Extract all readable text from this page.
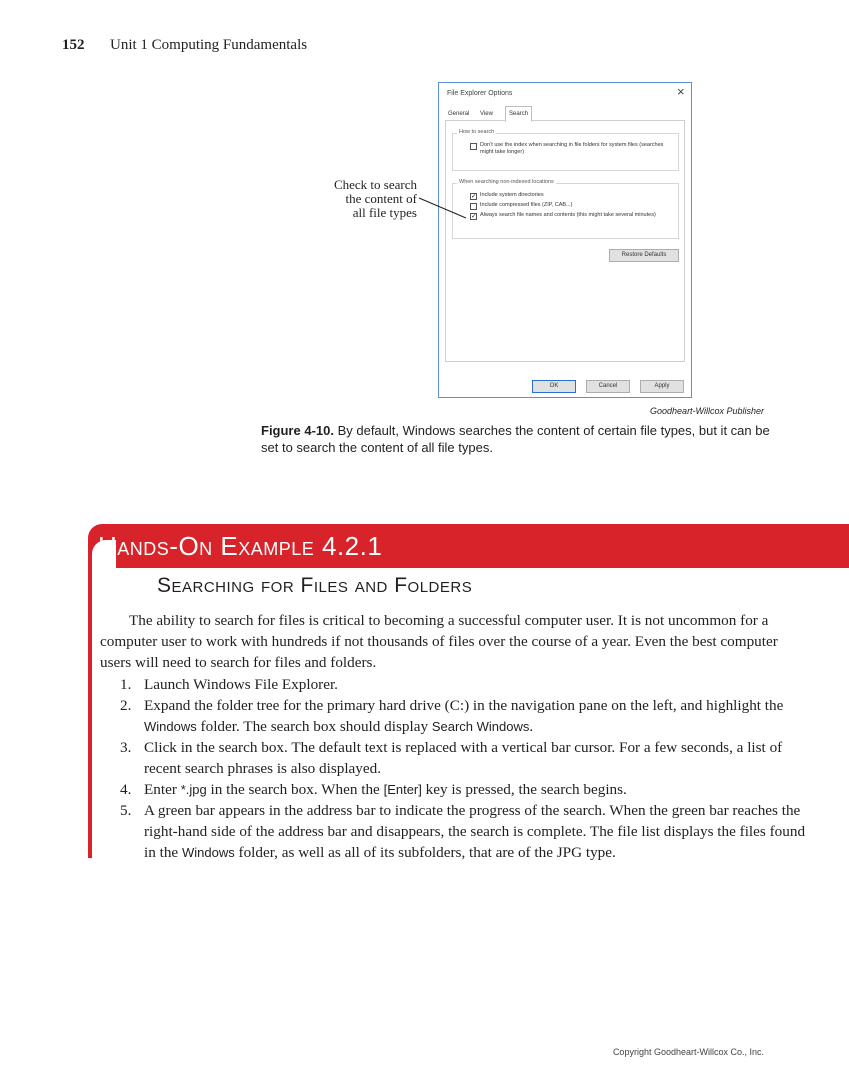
152 Unit 1 Computing Fundamentals
File Explorer Options	×
General	View	Search
How to search
Don’t use the index when searching in file folders for system files (searches might take longer)
When searching non-indexed locations
✓ Include system directories
Include compressed files (ZIP, CAB...)
✓ Always search file names and contents (this might take several minutes)
Restore Defaults
OK	Cancel	Apply
Check to search
the content of
all file types
Goodheart-Willcox Publisher
Figure 4-10. By default, Windows searches the content of certain file types, but it can be set to search the content of all file types.
Hands-On Example 4.2.1
Searching for Files and Folders
The ability to search for files is critical to becoming a successful computer user. It is not uncommon for a computer user to work with hundreds if not thousands of files over the course of a year. Even the best computer users will need to search for files and folders.
1. Launch Windows File Explorer.
2. Expand the folder tree for the primary hard drive (C:) in the navigation pane on the left, and highlight the Windows folder. The search box should display Search Windows.
3. Click in the search box. The default text is replaced with a vertical bar cursor. For a few seconds, a list of recent search phrases is also displayed.
4. Enter *.jpg in the search box. When the [Enter] key is pressed, the search begins.
5. A green bar appears in the address bar to indicate the progress of the search. When the green bar reaches the right-hand side of the address bar and disappears, the search is complete. The file list displays the files found in the Windows folder, as well as all of its subfolders, that are of the JPG type.
Copyright Goodheart-Willcox Co., Inc.
